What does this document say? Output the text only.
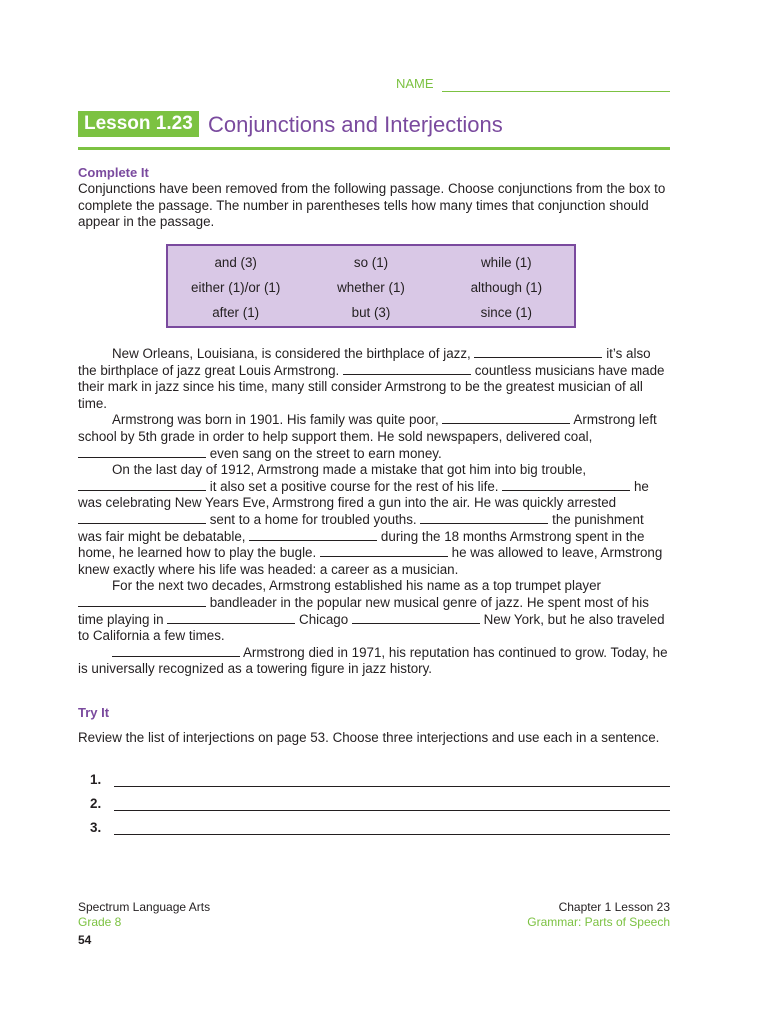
NAME
Lesson 1.23 Conjunctions and Interjections
Complete It

Conjunctions have been removed from the following passage. Choose conjunctions from the box to complete the passage. The number in parentheses tells how many times that conjunction should appear in the passage.

and (3)	so (1)	while (1)
either (1)/or (1)	whether (1)	although (1)
after (1)	but (3)	since (1)

New Orleans, Louisiana, is considered the birthplace of jazz,	it’s also the birthplace of jazz great Louis Armstrong.	countless musicians have made their mark in jazz since his time, many still consider Armstrong to be the greatest musician of all time.

Armstrong was born in 1901. His family was quite poor,	Armstrong left school by 5th grade in order to help support them. He sold newspapers, delivered coal,  even sang on the street to earn money.

On the last day of 1912, Armstrong made a mistake that got him into big trouble,  it also set a positive course for the rest of his life.	he was celebrating New Years Eve, Armstrong fired a gun into the air. He was quickly arrested  sent to a home for troubled youths.	the punishment was fair might be debatable,	during the 18 months Armstrong spent in the home, he learned how to play the bugle.	he was allowed to leave, Armstrong knew exactly where his life was headed: a career as a musician.

For the next two decades, Armstrong established his name as a top trumpet player  bandleader in the popular new musical genre of jazz. He spent most of his time playing in	Chicago	New York, but he also traveled to California a few times.

Armstrong died in 1971, his reputation has continued to grow. Today, he is universally recognized as a towering figure in jazz history.

Try It

Review the list of interjections on page 53. Choose three interjections and use each in a sentence.

1.
2.
3.
Spectrum Language Arts
Grade 8
54
Chapter 1 Lesson 23
Grammar: Parts of Speech
